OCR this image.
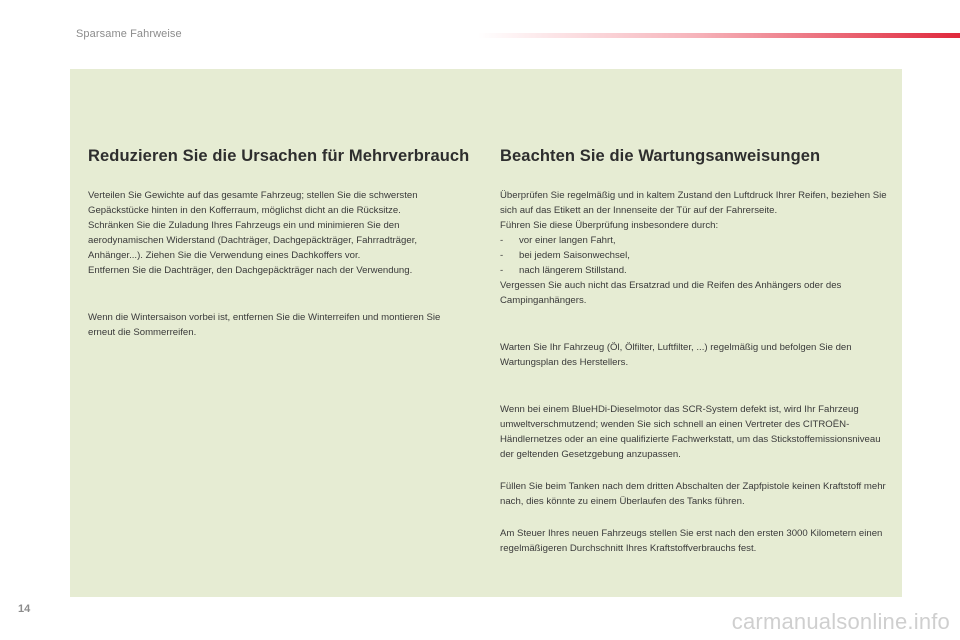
Sparsame Fahrweise
Reduzieren Sie die Ursachen für Mehrverbrauch

Verteilen Sie Gewichte auf das gesamte Fahrzeug; stellen Sie die schwersten Gepäckstücke hinten in den Kofferraum, möglichst dicht an die Rücksitze.

Schränken Sie die Zuladung Ihres Fahrzeugs ein und minimieren Sie den aerodynamischen Widerstand (Dachträger, Dachgepäckträger, Fahrradträger, Anhänger...). Ziehen Sie die Verwendung eines Dachkoffers vor.

Entfernen Sie die Dachträger, den Dachgepäckträger nach der Verwendung.

Wenn die Wintersaison vorbei ist, entfernen Sie die Winterreifen und montieren Sie erneut die Sommerreifen.

Beachten Sie die Wartungsanweisungen

Überprüfen Sie regelmäßig und in kaltem Zustand den Luftdruck Ihrer Reifen, beziehen Sie sich auf das Etikett an der Innenseite der Tür auf der Fahrerseite.

Führen Sie diese Überprüfung insbesondere durch:

- vor einer langen Fahrt,
- bei jedem Saisonwechsel,
- nach längerem Stillstand.

Vergessen Sie auch nicht das Ersatzrad und die Reifen des Anhängers oder des Campinganhängers.

Warten Sie Ihr Fahrzeug (Öl, Ölfilter, Luftfilter, ...) regelmäßig und befolgen Sie den Wartungsplan des Herstellers.

Wenn bei einem BlueHDi-Dieselmotor das SCR-System defekt ist, wird Ihr Fahrzeug umweltverschmutzend; wenden Sie sich schnell an einen Vertreter des CITROËN-Händlernetzes oder an eine qualifizierte Fachwerkstatt, um das Stickstoffemissionsniveau der geltenden Gesetzgebung anzupassen.

Füllen Sie beim Tanken nach dem dritten Abschalten der Zapfpistole keinen Kraftstoff mehr nach, dies könnte zu einem Überlaufen des Tanks führen.

Am Steuer Ihres neuen Fahrzeugs stellen Sie erst nach den ersten 3000 Kilometern einen regelmäßigeren Durchschnitt Ihres Kraftstoffverbrauchs fest.

14	carmanualsonline.info
